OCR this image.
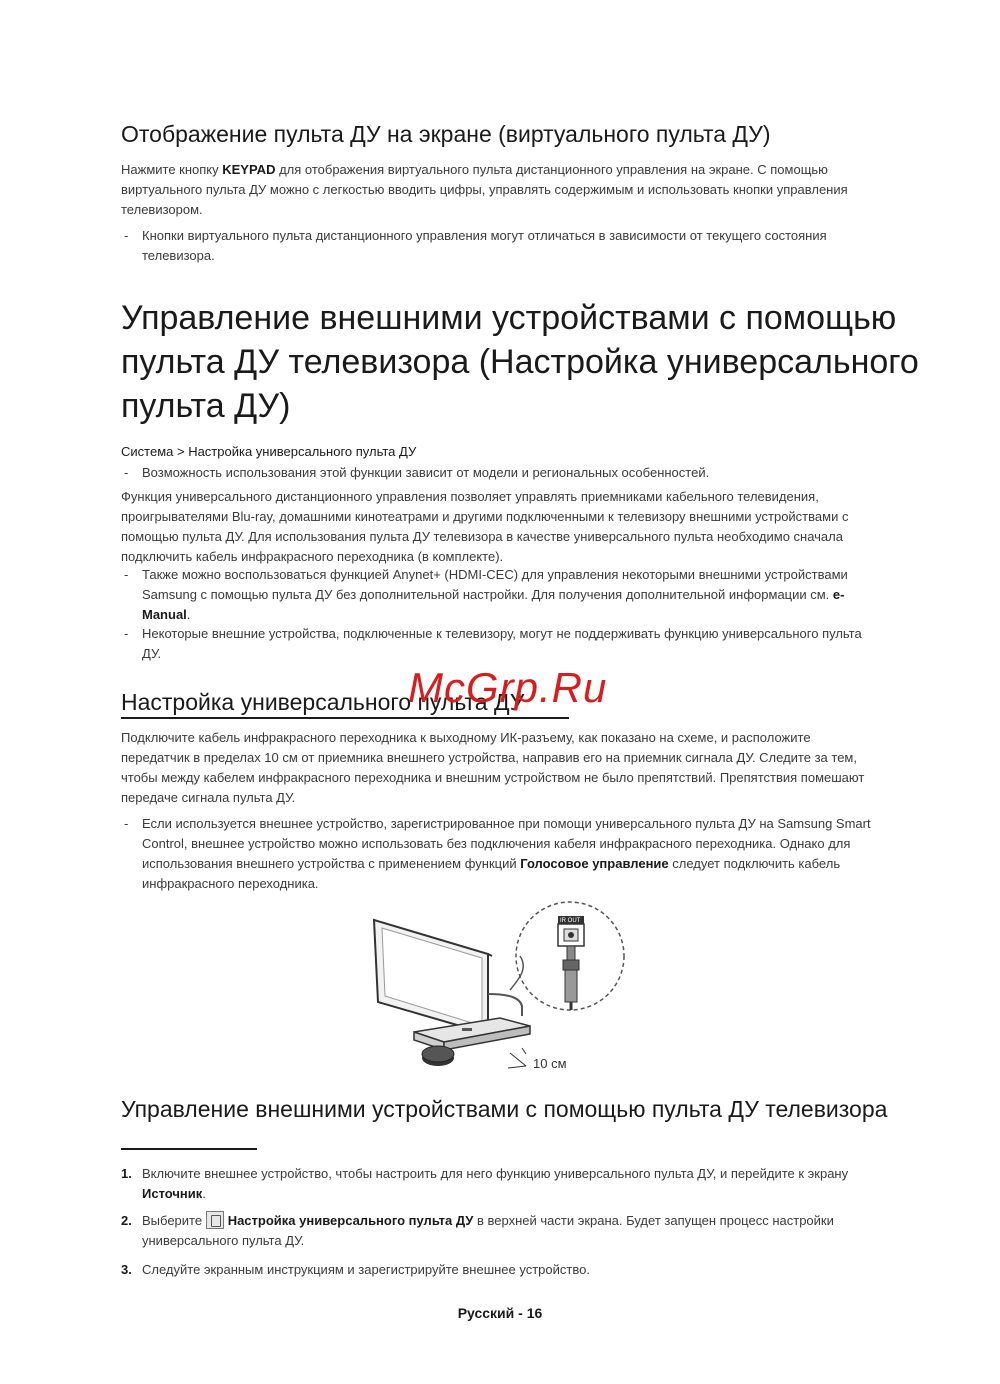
Отображение пульта ДУ на экране (виртуального пульта ДУ)

Нажмите кнопку KEYPAD для отображения виртуального пульта дистанционного управления на экране. С помощью виртуального пульта ДУ можно с легкостью вводить цифры, управлять содержимым и использовать кнопки управления телевизором.

- Кнопки виртуального пульта дистанционного управления могут отличаться в зависимости от текущего состояния телевизора.

Управление внешними устройствами с помощью пульта ДУ телевизора (Настройка универсального пульта ДУ)
Система > Настройка универсального пульта ДУ

- Возможность использования этой функции зависит от модели и региональных особенностей.

Функция универсального дистанционного управления позволяет управлять приемниками кабельного телевидения, проигрывателями Blu-ray, домашними кинотеатрами и другими подключенными к телевизору внешними устройствами с помощью пульта ДУ. Для использования пульта ДУ телевизора в качестве универсального пульта необходимо сначала подключить кабель инфракрасного переходника (в комплекте).

- Также можно воспользоваться функцией Anynet+ (HDMI-CEC) для управления некоторыми внешними устройствами Samsung с помощью пульта ДУ без дополнительной настройки. Для получения дополнительной информации см. e-Manual.

- Некоторые внешние устройства, подключенные к телевизору, могут не поддерживать функцию универсального пульта ДУ.

Настройка универсального пульта ДУ
McGrp.Ru

Подключите кабель инфракрасного переходника к выходному ИК-разъему, как показано на схеме, и расположите передатчик в пределах 10 см от приемника внешнего устройства, направив его на приемник сигнала ДУ. Следите за тем, чтобы между кабелем инфракрасного переходника и внешним устройством не было препятствий. Препятствия помешают передаче сигнала пульта ДУ.

- Если используется внешнее устройство, зарегистрированное при помощи универсального пульта ДУ на Samsung Smart Control, внешнее устройство можно использовать без подключения кабеля инфракрасного переходника. Однако для использования внешнего устройства с применением функций Голосовое управление следует подключить кабель инфракрасного переходника.

IR OUT
10 см
Управление внешними устройствами с помощью пульта ДУ телевизора

1. Включите внешнее устройство, чтобы настроить для него функцию универсального пульта ДУ, и перейдите к экрану Источник.

2. Выберите Настройка универсального пульта ДУ в верхней части экрана. Будет запущен процесс настройки универсального пульта ДУ.

3. Следуйте экранным инструкциям и зарегистрируйте внешнее устройство.

Русский - 16
